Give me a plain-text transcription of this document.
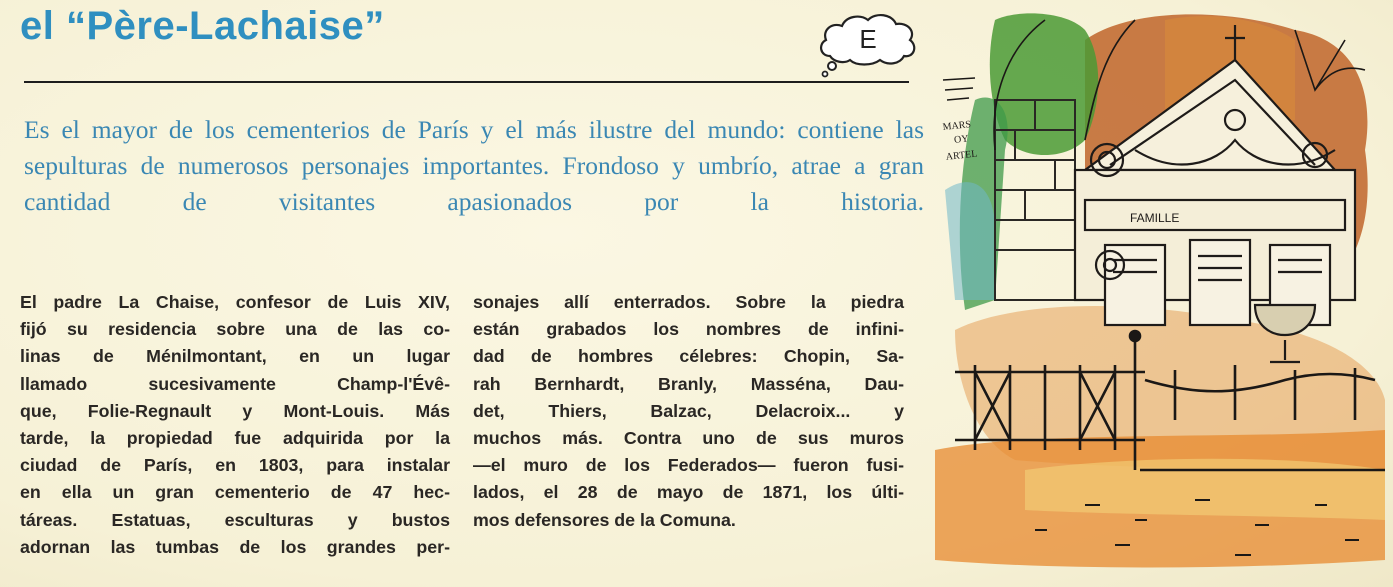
el “Père-Lachaise”	E

Es el mayor de los cementerios de París y el más ilustre del mundo: contiene las sepulturas de numerosos personajes importantes. Frondoso y umbrío, atrae a gran cantidad de visitantes apasionados por la historia.

El padre La Chaise, confesor de Luis XIV,
fijó su residencia sobre una de las co-
linas de Ménilmontant, en un lugar
llamado sucesivamente Champ-l'Évê-
que, Folie-Regnault y Mont-Louis. Más
tarde, la propiedad fue adquirida por la
ciudad de París, en 1803, para instalar
en ella un gran cementerio de 47 hec-
táreas. Estatuas, esculturas y bustos
adornan las tumbas de los grandes per-
sonajes allí enterrados. Sobre la piedra
están grabados los nombres de infini-
dad de hombres célebres: Chopin, Sa-
rah Bernhardt, Branly, Masséna, Dau-
det, Thiers, Balzac, Delacroix... y
muchos más. Contra uno de sus muros
—el muro de los Federados— fueron fusi-
lados, el 28 de mayo de 1871, los últi-
mos defensores de la Comuna.
FAMILLE
MARS
OY
ARTEL
